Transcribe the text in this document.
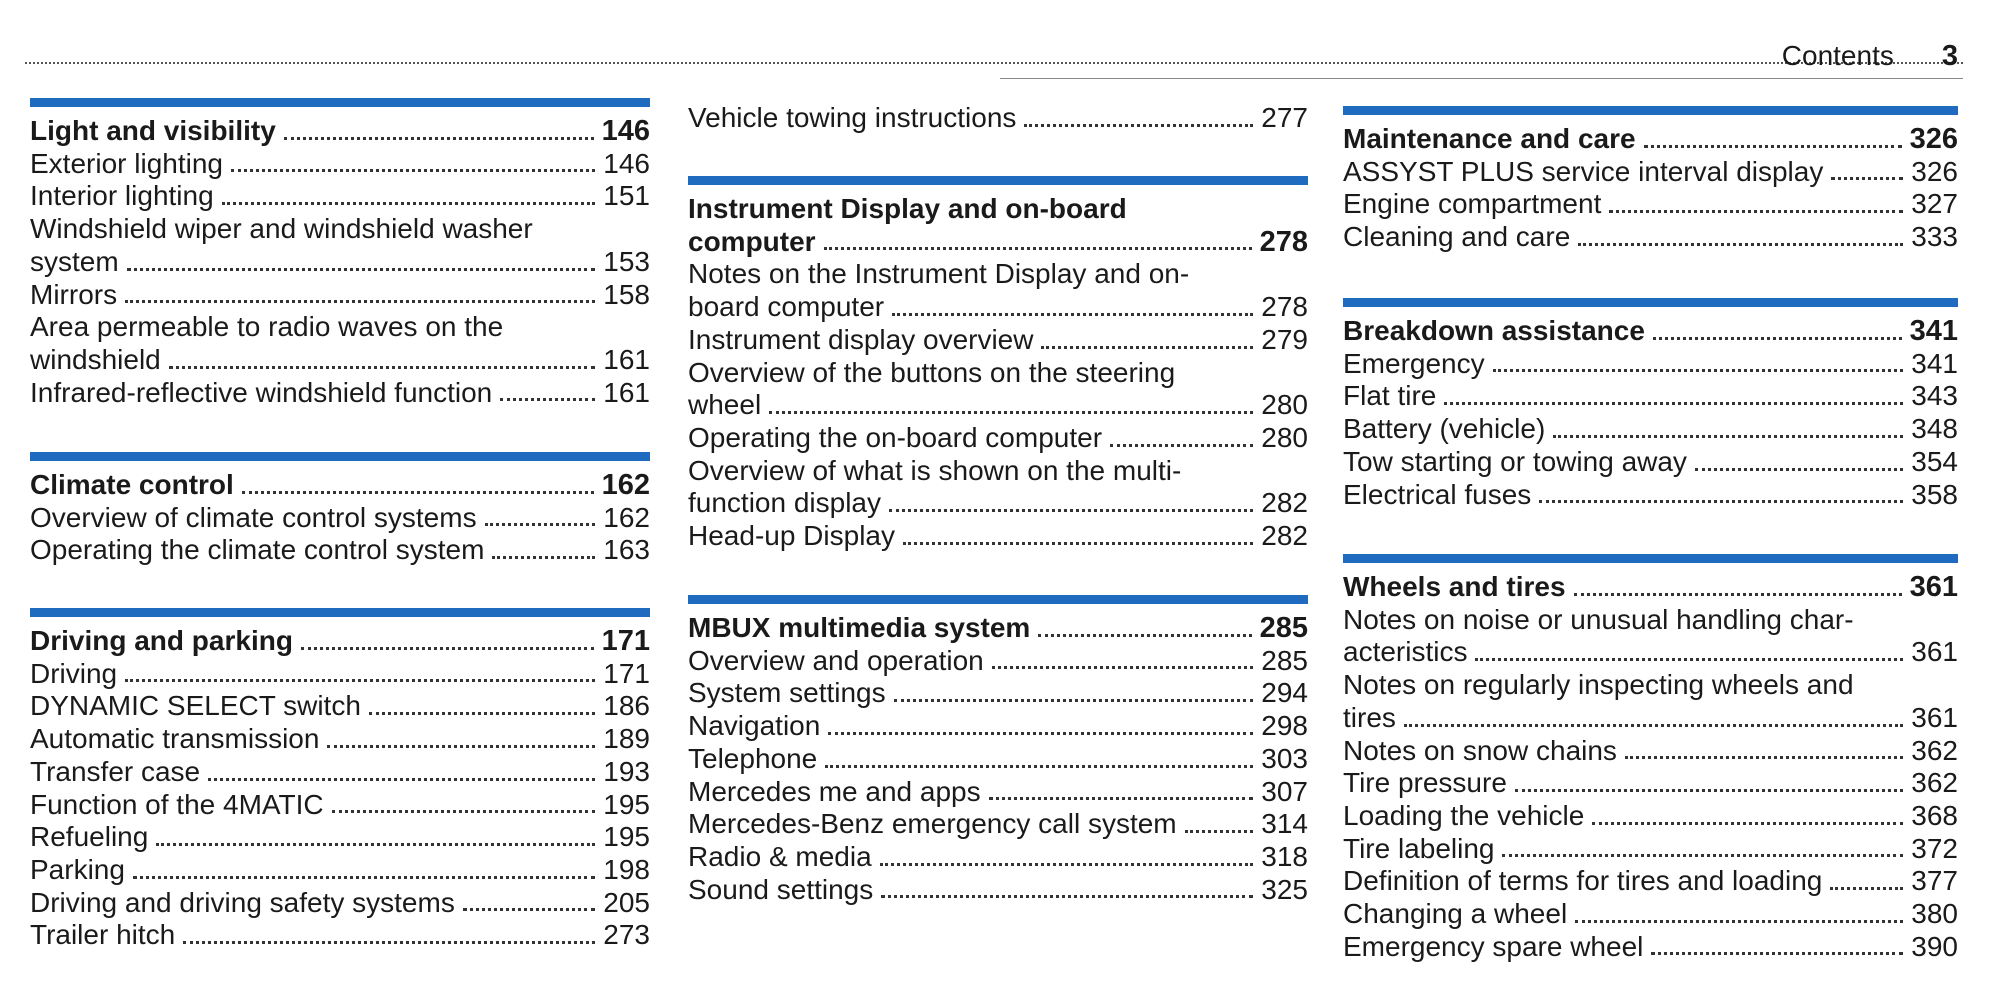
Contents 3
Light and visibility	146
Exterior lighting	146
Interior lighting	151
Windshield wiper and windshield washer
system	153
Mirrors	158
Area permeable to radio waves on the
windshield	161
Infrared-reflective windshield function	161
Climate control	162
Overview of climate control systems	162
Operating the climate control system	163
Driving and parking	171
Driving	171
DYNAMIC SELECT switch	186
Automatic transmission	189
Transfer case	193
Function of the 4MATIC	195
Refueling	195
Parking	198
Driving and driving safety systems	205
Trailer hitch	273
Vehicle towing instructions	277
Instrument Display and on-board
computer	278
Notes on the Instrument Display and on-
board computer	278
Instrument display overview	279
Overview of the buttons on the steering
wheel	280
Operating the on-board computer	280
Overview of what is shown on the multi-
function display	282
Head-up Display	282
MBUX multimedia system	285
Overview and operation	285
System settings	294
Navigation	298
Telephone	303
Mercedes me and apps	307
Mercedes-Benz emergency call system	314
Radio & media	318
Sound settings	325
Maintenance and care	326
ASSYST PLUS service interval display	326
Engine compartment	327
Cleaning and care	333
Breakdown assistance	341
Emergency	341
Flat tire	343
Battery (vehicle)	348
Tow starting or towing away	354
Electrical fuses	358
Wheels and tires	361
Notes on noise or unusual handling char-
acteristics	361
Notes on regularly inspecting wheels and
tires	361
Notes on snow chains	362
Tire pressure	362
Loading the vehicle	368
Tire labeling	372
Definition of terms for tires and loading	377
Changing a wheel	380
Emergency spare wheel	390
